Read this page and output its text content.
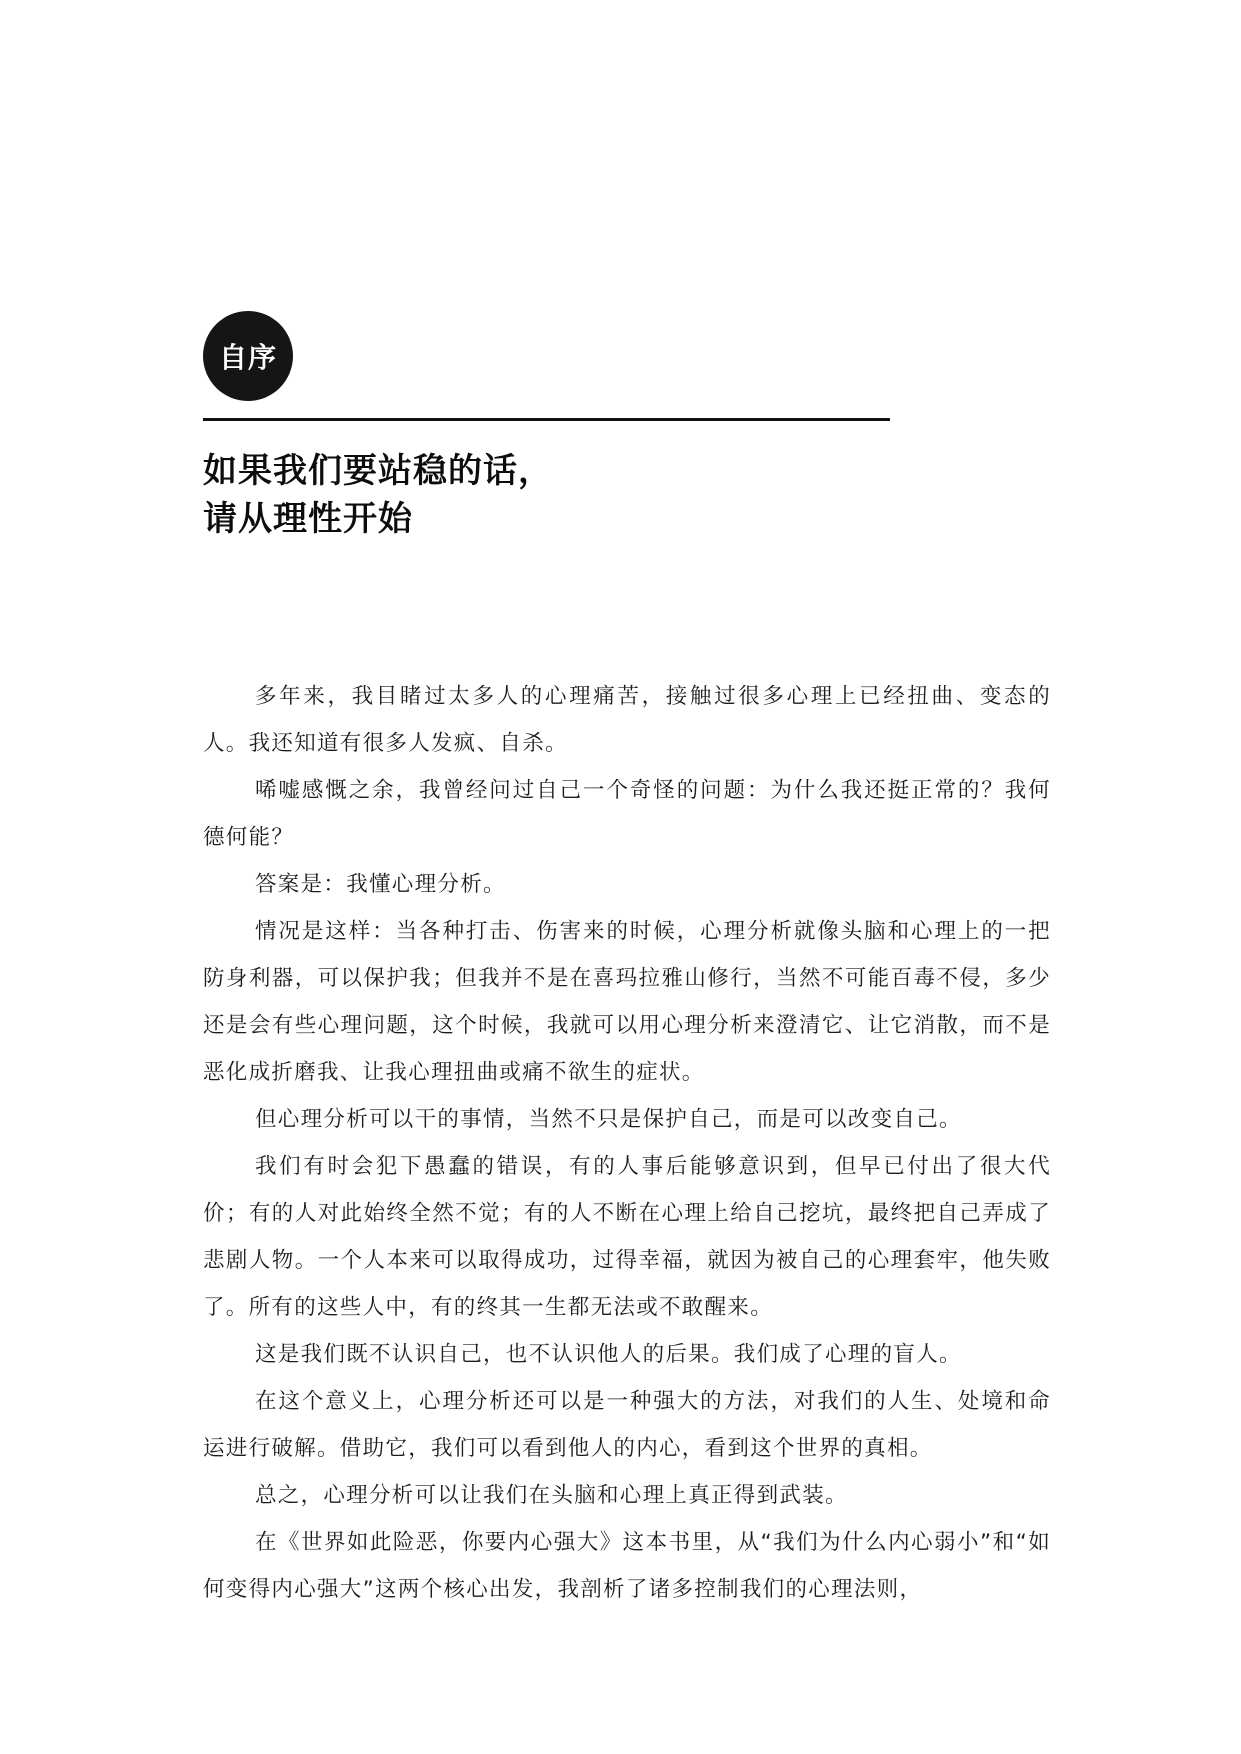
自序
如果我们要站稳的话，
请从理性开始

多年来，我目睹过太多人的心理痛苦，接触过很多心理上已经扭曲、变态的人。我还知道有很多人发疯、自杀。

唏嘘感慨之余，我曾经问过自己一个奇怪的问题：为什么我还挺正常的？我何德何能？

答案是：我懂心理分析。

情况是这样：当各种打击、伤害来的时候，心理分析就像头脑和心理上的一把防身利器，可以保护我；但我并不是在喜玛拉雅山修行，当然不可能百毒不侵，多少还是会有些心理问题，这个时候，我就可以用心理分析来澄清它、让它消散，而不是恶化成折磨我、让我心理扭曲或痛不欲生的症状。

但心理分析可以干的事情，当然不只是保护自己，而是可以改变自己。

我们有时会犯下愚蠢的错误，有的人事后能够意识到，但早已付出了很大代价；有的人对此始终全然不觉；有的人不断在心理上给自己挖坑，最终把自己弄成了悲剧人物。一个人本来可以取得成功，过得幸福，就因为被自己的心理套牢，他失败了。所有的这些人中，有的终其一生都无法或不敢醒来。

这是我们既不认识自己，也不认识他人的后果。我们成了心理的盲人。

在这个意义上，心理分析还可以是一种强大的方法，对我们的人生、处境和命运进行破解。借助它，我们可以看到他人的内心，看到这个世界的真相。

总之，心理分析可以让我们在头脑和心理上真正得到武装。

在《世界如此险恶，你要内心强大》这本书里，从“我们为什么内心弱小”和“如何变得内心强大”这两个核心出发，我剖析了诸多控制我们的心理法则，
